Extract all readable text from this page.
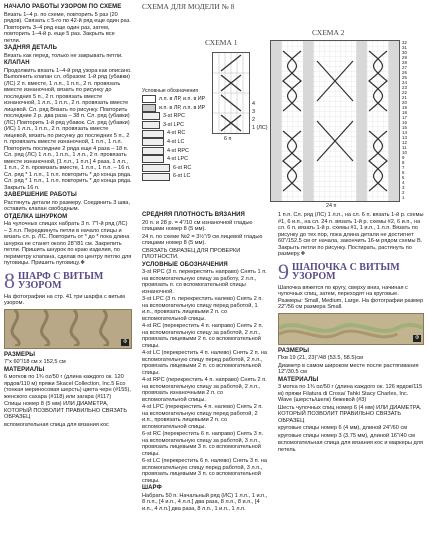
НАЧАЛО РАБОТЫ УЗОРОМ ПО СХЕМЕ

Вязать 1–4 р. по схеме, повторить 5 раз (20 рядов). Связать с 5-го по 42-й ряд еще один раз. Повторить 3–4 ряд еще один раз, затем, повторить 1–4-й р. еще 5 раз. Закрыть все петли.

ЗАДНЯЯ ДЕТАЛЬ

Вязать как перед, только не закрывать петли.

КЛАПАН

Продолжить вязать 1–4-й ряд узора как описано. Выполнить клапан сл. образом: 1-й ряд (убавки) (ЛС) 2 п. вместе, 1 л.п., 1 п.п., 2 п. провязать вместе изнаночной, вязать по рисунку до последних 5 п., 2 п. провязать вместе изнаночной, 1 л.п., 1 п.п., 2 п. провязать вместе лицевой. Сл. ряд Вязать по рисунку. Повторить последние 2 р. два раза – 38 п. Сл. ряд (убавки) (ЛС) Повторить 1-й ряд убавок. Сл. ряд (убавки) (ИС) 1 л.п., 1 п.п., 2 п. провязать вместе лицевой, вязать по рисунку до последних 5 п., 2 п. провязать вместе изнаночной, 1 п.п., 1 л.п. Повторить последние 2 ряда еще 4 раза – 18 п. Сл. ряд (ЛС) 1 л.п., 1 п.п., 1 л.п., 2 п. провязать вместе изнаночной, [1 л.п., 1 п.п.] 4 раза, 1 л.п., 1 п.п., 2 п. провязать вместе, 1 л.п., 1 п.п. – 16 п. Сл. ряд * 1 л.п., 1 п.п. повторить * до конца ряда. Сл. ряд * 1 п.п., 1 л.п. повторить * до конца ряда. Закрыть 16 п.

ЗАВЕРШЕНИЕ РАБОТЫ

Растянуть детали по размеру. Соединить 3 шва, оставить клапан свободным.

ОТДЕЛКА ШНУРКОМ

На чулочных спицах набрать 3 п. 7"I-й ряд (ЛС) – 3 л.п. Передвинуть петли в начало спицы и вязать сл. р. ЛС. Повторить от * до * пока длина шнурка не станет около 28"/81 см. Закрепить петли. Пришить шнурок по краю изделия, по периметру клапана, сделав по центру петлю для пуговицы. Пришить пуговицу.❖

8 ШАРФ С ВИТЫМ УЗОРОМ

На фотографии на стр. 41 три шарфа с витым узором.

Ф

РАЗМЕРЫ

7"x 60"/18 см x 152,5 см

МАТЕРИАЛЫ

6 мотков по 1¾ oz/50 г (длина каждого ок. 120 ярдов/110 м) пряжи Skacel Collection, Inc.5 Eco (тонкая мериносовая шерсть) цвета черн (#155), женского сахара (#118) или загара (#117)

Спицы номер 8 (5 мм) ИЛИ ДИАМЕТРА, КОТОРЫЙ ПОЗВОЛИТ ПРАВИЛЬНО СВЯЗАТЬ ОБРАЗЕЦ

вспомогательная спица для вязания кос

СХЕМА ДЛЯ МОДЕЛИ № 8

СХЕМА 1

4
3
2
1 (ЛС)
6 п
Условные обозначения
л.п. в ЛР, и.п. в ИР
и.п. в ЛР, л.п. в ИР
3-st RPC
3-st LPC
4-st RC
4-st LC
4-st RPC
4-st LPC
6-st RC
6-st LC

СХЕМА 2

32
31
30
29
28
27
26
25
24
23
22
21
20
19
18
17
16
15
14
13
12
11
10
9
8
7
6
5
4
3
2
1
24 п

СРЕДНЯЯ ПЛОТНОСТЬ ВЯЗАНИЯ

20 п. и 28 р. = 4"/10 см изнаночной гладью спицами номер 8 (5 мм).

24 п. по схеме №2 = 3½"/9 см лицевой гладью спицами номер 8 (5 мм).

СВЯЗАТЬ ОБРАЗЕЦ ДЛЯ ПРОВЕРКИ ПЛОТНОСТИ.

УСЛОВНЫЕ ОБОЗНАЧЕНИЯ

3-st RPC (3 п. перекрестить направо) Снять 1 п. на вспомогательную спицу за работу, 2 л.п., провязать п. со вспомогательной спицы изнаночной.

3-st LPC (3 п. перекрестить налево) Снять 2 п. на вспомогательную спицу перед работой, 1 и.п., провязать лицевыми 2 п. со вспомогательной спицы.

4-st RC (перекрестить 4 п. направо) Снять 2 п. на вспомогательную спицу за работой, 2 л.п., провязать лицевыми 2 п. со вспомогательной спицы.

4-st LC (перекрестить 4 п. налево) Снять 2 п. на вспомогательную спицу перед работой, 2 л.п., провязать лицевыми 2 п. со вспомогательной спицы.

4-st RPC (перекрестить 4 п. направо) Снять 2 п. на вспомогательную спицу за работой, 2 л.п., провязать изнаночными 2 п. со вспомогательной спицы.

4-st LPC (перекрестить 4 п. налево) Снять 2 п. на вспомогательную спицу перед работой, 2 и.п., провязать лицевыми 2 п. со вспомогательной спицы.

6-st RC (перекрестить 6 п. направо) Снять 3 п. на вспомогательную спицу за работой, 3 л.п., провязать лицевыми 3 п. со вспомогательной спицы.

6-st LC (перекрестить 6 п. налево) Снять 3 п. на вспомогательную спицу перед работой, 3 л.п., провязать лицевыми 3 п. со вспомогательной спицы.

ШАРФ

Набрать 50 п. Начальный ряд (ИС) 1 л.п., 1 и.п., 8 л.п., [4 и.п., 4 л.п.] два раза, 8 л.п., 8 и.п., [4 и.п., 4 л.п.] два раза, 8 л.п., 1 и.п., 1 л.п.

1 п.п. Сл. ряд (ЛС) 1 л.п., на сл. 6 п. вязать 1-й р. схемы #1, 6 и.п., на сл. 24 п. вязать 1-й р. схемы #2, 6 и.п., на сл. 6 п. вязать 1-й р. схемы #1, 1 и.п., 1 л.п. Вязать по рисунку до тех пор, пока длина детали не достигнет 60"/152.5 см от начала, закончить 16-м рядом схемы В. Закрыть петли по рисунку. Постирать, растянуть по размеру.❖

9 ШАПОЧКА С ВИТЫМ УЗОРОМ

Шапочка вяжется по кругу, сверху вниз, начиная с чулочных спиц, затем, переходят на круговые. Размеры: Small, Medium, Large. На фотографии размер 22"/56 см размера Small.

Ф

РАЗМЕРЫ

Пхв 19 (21, 23)"/48 (53.5, 58.5)см

Диаметр в самом широком месте после растягивания 12"/30.5 см

МАТЕРИАЛЫ

3 мотка по 1¾ oz/50 г (длина каждого ок. 126 ярдов/115 м) пряжи Filatura di Crosa/ Tahki Stacy Charles, Inc. Wave (шерсть/шелк) бежевой (#3)

Шесть чулочных спиц номер 6 (4 мм) ИЛИ ДИАМЕТРА, КОТОРЫЙ ПОЗВОЛИТ ПРАВИЛЬНО СВЯЗАТЬ ОБРАЗЕЦ

круговые спицы номер 6 (4 мм), длиной 24"/60 см

круговые спицы номер 3 (3.75 мм), длиной 16"/40 см

вспомогательная спица для вязания кос и маркеры для петель
